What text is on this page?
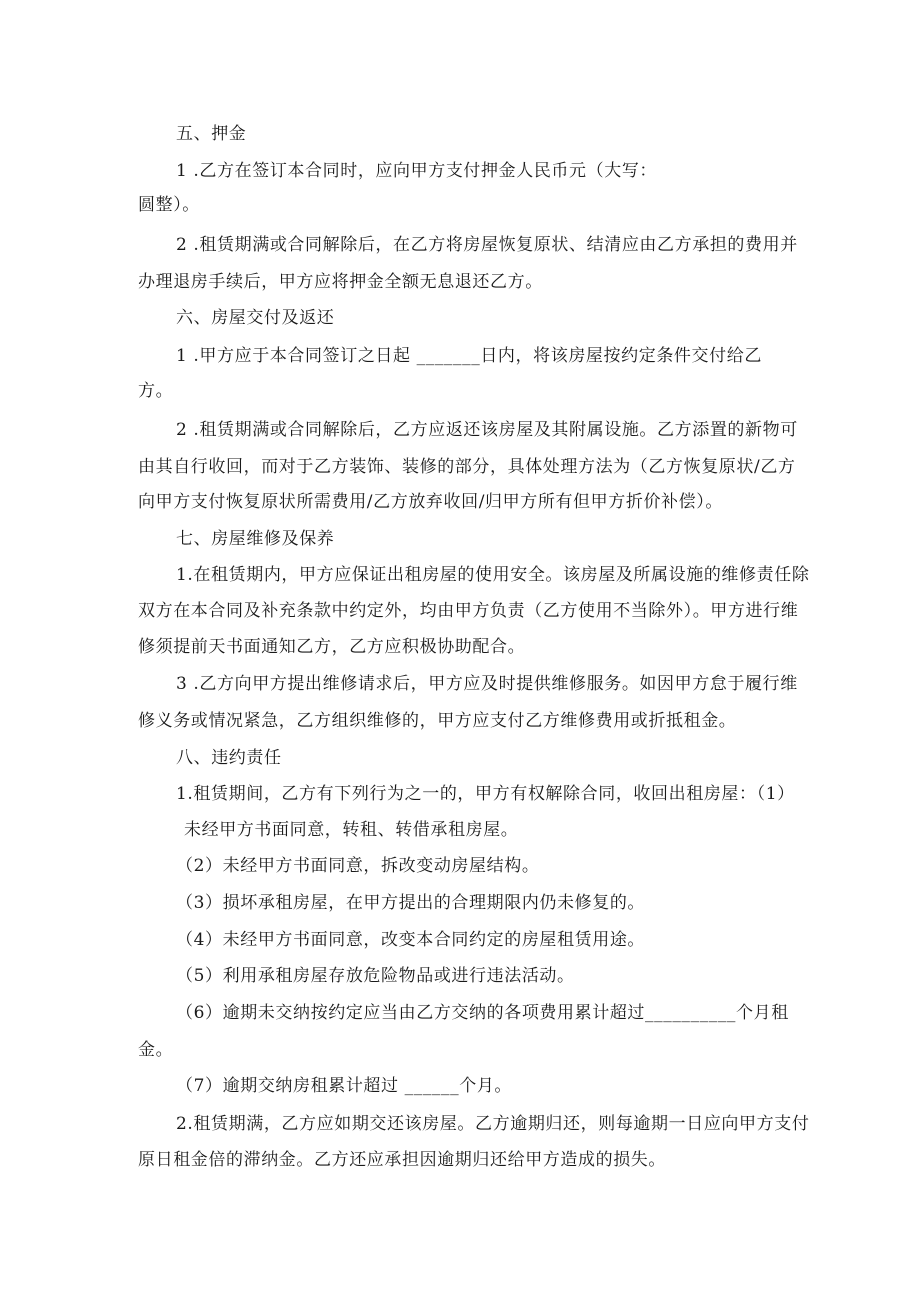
五、押金
1 .乙方在签订本合同时，应向甲方支付押金人民币元（大写：
圆整）。
2 .租赁期满或合同解除后，在乙方将房屋恢复原状、结清应由乙方承担的费用并
办理退房手续后，甲方应将押金全额无息退还乙方。
六、房屋交付及返还
1 .甲方应于本合同签订之日起 _______日内，将该房屋按约定条件交付给乙
方。
2 .租赁期满或合同解除后，乙方应返还该房屋及其附属设施。乙方添置的新物可
由其自行收回，而对于乙方装饰、装修的部分，具体处理方法为（乙方恢复原状/乙方
向甲方支付恢复原状所需费用/乙方放弃收回/归甲方所有但甲方折价补偿）。
七、房屋维修及保养
1.在租赁期内，甲方应保证出租房屋的使用安全。该房屋及所属设施的维修责任除
双方在本合同及补充条款中约定外，均由甲方负责（乙方使用不当除外）。甲方进行维
修须提前天书面通知乙方，乙方应积极协助配合。
3 .乙方向甲方提出维修请求后，甲方应及时提供维修服务。如因甲方怠于履行维
修义务或情况紧急，乙方组织维修的，甲方应支付乙方维修费用或折抵租金。
八、违约责任
1.租赁期间，乙方有下列行为之一的，甲方有权解除合同，收回出租房屋：（1）
未经甲方书面同意，转租、转借承租房屋。
（2）未经甲方书面同意，拆改变动房屋结构。
（3）损坏承租房屋，在甲方提出的合理期限内仍未修复的。
（4）未经甲方书面同意，改变本合同约定的房屋租赁用途。
（5）利用承租房屋存放危险物品或进行违法活动。
（6）逾期未交纳按约定应当由乙方交纳的各项费用累计超过__________个月租
金。
（7）逾期交纳房租累计超过 ______个月。
2.租赁期满，乙方应如期交还该房屋。乙方逾期归还，则每逾期一日应向甲方支付
原日租金倍的滞纳金。乙方还应承担因逾期归还给甲方造成的损失。
